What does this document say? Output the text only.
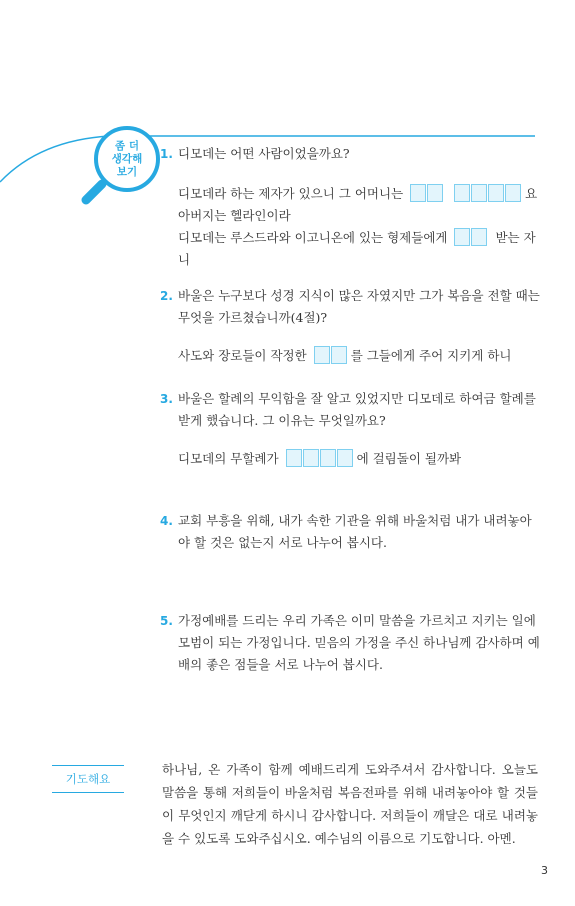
좀 더
생각해
보기
1. 디모데는 어떤 사람이었을까요?
디모데라 하는 제자가 있으니 그 어머니는	요
아버지는 헬라인이라
디모데는 루스드라와 이고니온에 있는 형제들에게	받는 자니
2. 바울은 누구보다 성경 지식이 많은 자였지만 그가 복음을 전할 때는 무엇을 가르쳤습니까(4절)?
사도와 장로들이 작정한	를 그들에게 주어 지키게 하니
3. 바울은 할례의 무익함을 잘 알고 있었지만 디모데로 하여금 할례를 받게 했습니다. 그 이유는 무엇일까요?
디모데의 무할례가	에 걸림돌이 될까봐
4. 교회 부흥을 위해, 내가 속한 기관을 위해 바울처럼 내가 내려놓아야 할 것은 없는지 서로 나누어 봅시다.
5. 가정예배를 드리는 우리 가족은 이미 말씀을 가르치고 지키는 일에 모범이 되는 가정입니다. 믿음의 가정을 주신 하나님께 감사하며 예배의 좋은 점들을 서로 나누어 봅시다.
기도해요
하나님, 온 가족이 함께 예배드리게 도와주셔서 감사합니다. 오늘도 말씀을 통해 저희들이 바울처럼 복음전파를 위해 내려놓아야 할 것들이 무엇인지 깨닫게 하시니 감사합니다. 저희들이 깨달은 대로 내려놓을 수 있도록 도와주십시오. 예수님의 이름으로 기도합니다. 아멘.
3
